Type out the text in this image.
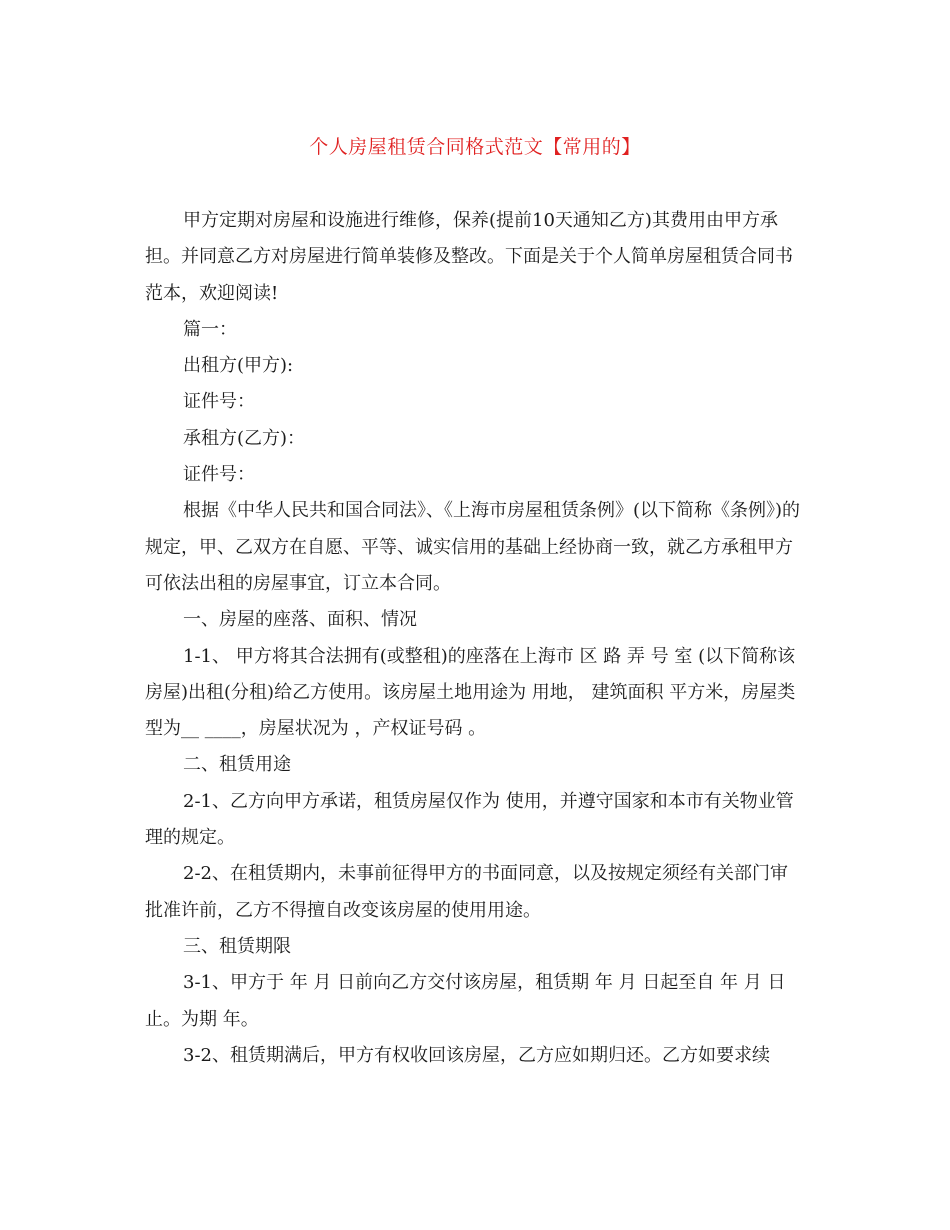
个人房屋租赁合同格式范文【常用的】

甲方定期对房屋和设施进行维修，保养(提前10天通知乙方)其费用由甲方承担。并同意乙方对房屋进行简单装修及整改。下面是关于个人简单房屋租赁合同书范本，欢迎阅读!

篇一：

出租方(甲方):

证件号：

承租方(乙方)：

证件号：

根据《中华人民共和国合同法》、《上海市房屋租赁条例》(以下简称《条例》)的规定，甲、乙双方在自愿、平等、诚实信用的基础上经协商一致，就乙方承租甲方可依法出租的房屋事宜，订立本合同。

一、房屋的座落、面积、情况

1-1、 甲方将其合法拥有(或整租)的座落在上海市 区 路 弄 号 室 (以下简称该房屋)出租(分租)给乙方使用。该房屋土地用途为 用地， 建筑面积 平方米，房屋类型为__ ____，房屋状况为 ，产权证号码 。

二、租赁用途

2-1、乙方向甲方承诺，租赁房屋仅作为 使用，并遵守国家和本市有关物业管理的规定。

2-2、在租赁期内，未事前征得甲方的书面同意，以及按规定须经有关部门审批准许前，乙方不得擅自改变该房屋的使用用途。

三、租赁期限

3-1、甲方于 年 月 日前向乙方交付该房屋，租赁期 年 月 日起至自 年 月 日止。为期 年。

3-2、租赁期满后，甲方有权收回该房屋，乙方应如期归还。乙方如要求续
